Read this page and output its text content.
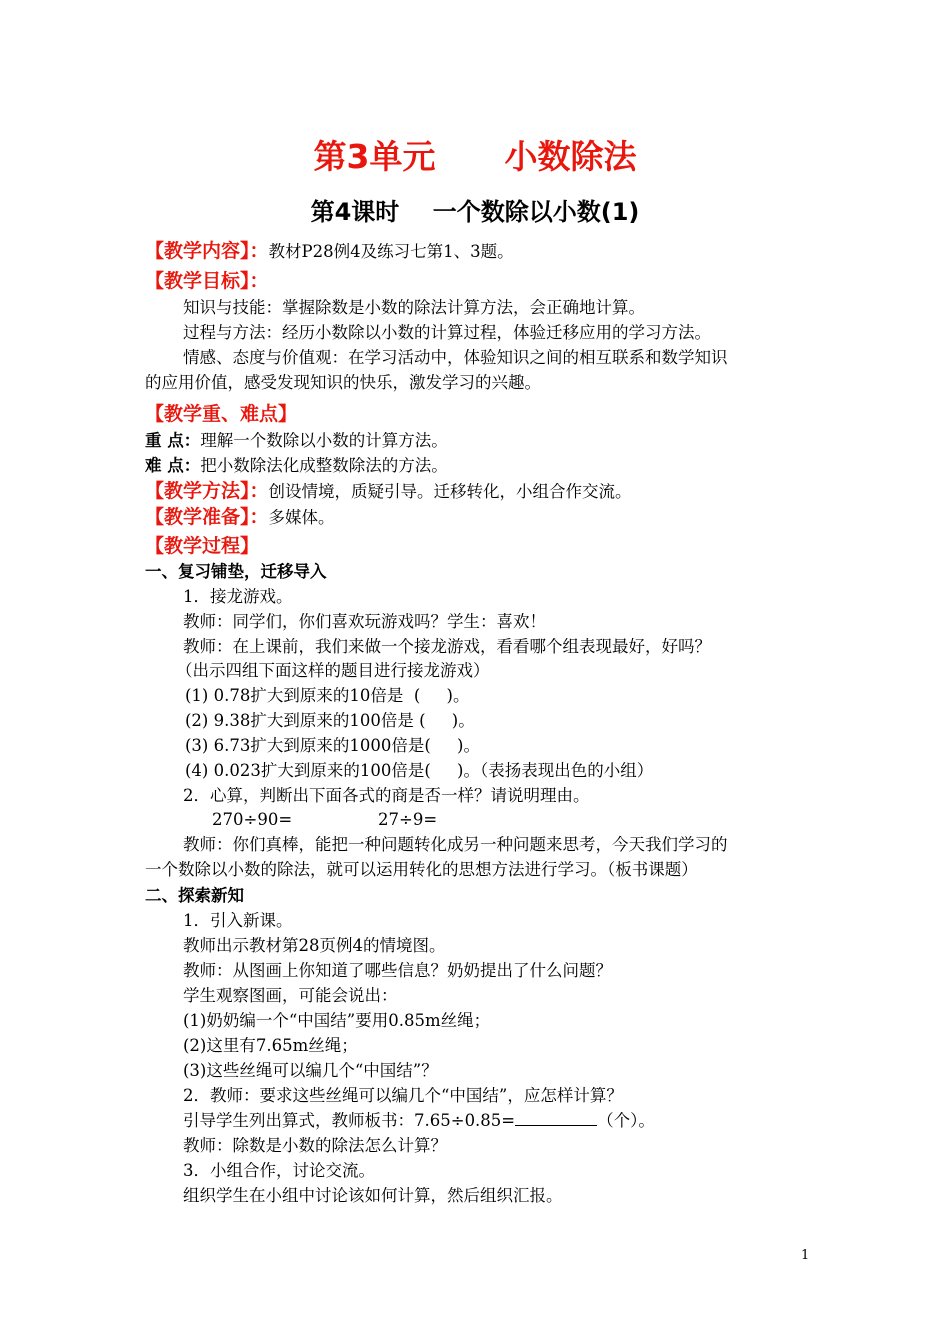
第3单元      小数除法
第4课时    一个数除以小数(1)
【教学内容】：教材P28例4及练习七第1、3题。
【教学目标】：
知识与技能：掌握除数是小数的除法计算方法，会正确地计算。
过程与方法：经历小数除以小数的计算过程，体验迁移应用的学习方法。
情感、态度与价值观：在学习活动中，体验知识之间的相互联系和数学知识
的应用价值，感受发现知识的快乐，激发学习的兴趣。
【教学重、难点】
重 点：理解一个数除以小数的计算方法。
难 点：把小数除法化成整数除法的方法。
【教学方法】：创设情境，质疑引导。迁移转化，小组合作交流。
【教学准备】：多媒体。
【教学过程】
一、复习铺垫，迁移导入
1．接龙游戏。
教师：同学们，你们喜欢玩游戏吗？学生：喜欢！
教师：在上课前，我们来做一个接龙游戏，看看哪个组表现最好，好吗？
（出示四组下面这样的题目进行接龙游戏）
(1) 0.78扩大到原来的10倍是  (     )。
(2) 9.38扩大到原来的100倍是 (     )。
(3) 6.73扩大到原来的1000倍是(     )。
(4) 0.023扩大到原来的100倍是(     )。（表扬表现出色的小组）
2．心算，判断出下面各式的商是否一样？请说明理由。
270÷90=	27÷9=
教师：你们真棒，能把一种问题转化成另一种问题来思考，今天我们学习的
一个数除以小数的除法，就可以运用转化的思想方法进行学习。（板书课题）
二、探索新知
1．引入新课。
教师出示教材第28页例4的情境图。
教师：从图画上你知道了哪些信息？奶奶提出了什么问题？
学生观察图画，可能会说出：
(1)奶奶编一个“中国结”要用0.85m丝绳；
(2)这里有7.65m丝绳；
(3)这些丝绳可以编几个“中国结”？
2．教师：要求这些丝绳可以编几个“中国结”，应怎样计算？
引导学生列出算式，教师板书：7.65÷0.85=	（个）。
教师：除数是小数的除法怎么计算？
3．小组合作，讨论交流。
组织学生在小组中讨论该如何计算，然后组织汇报。
1
